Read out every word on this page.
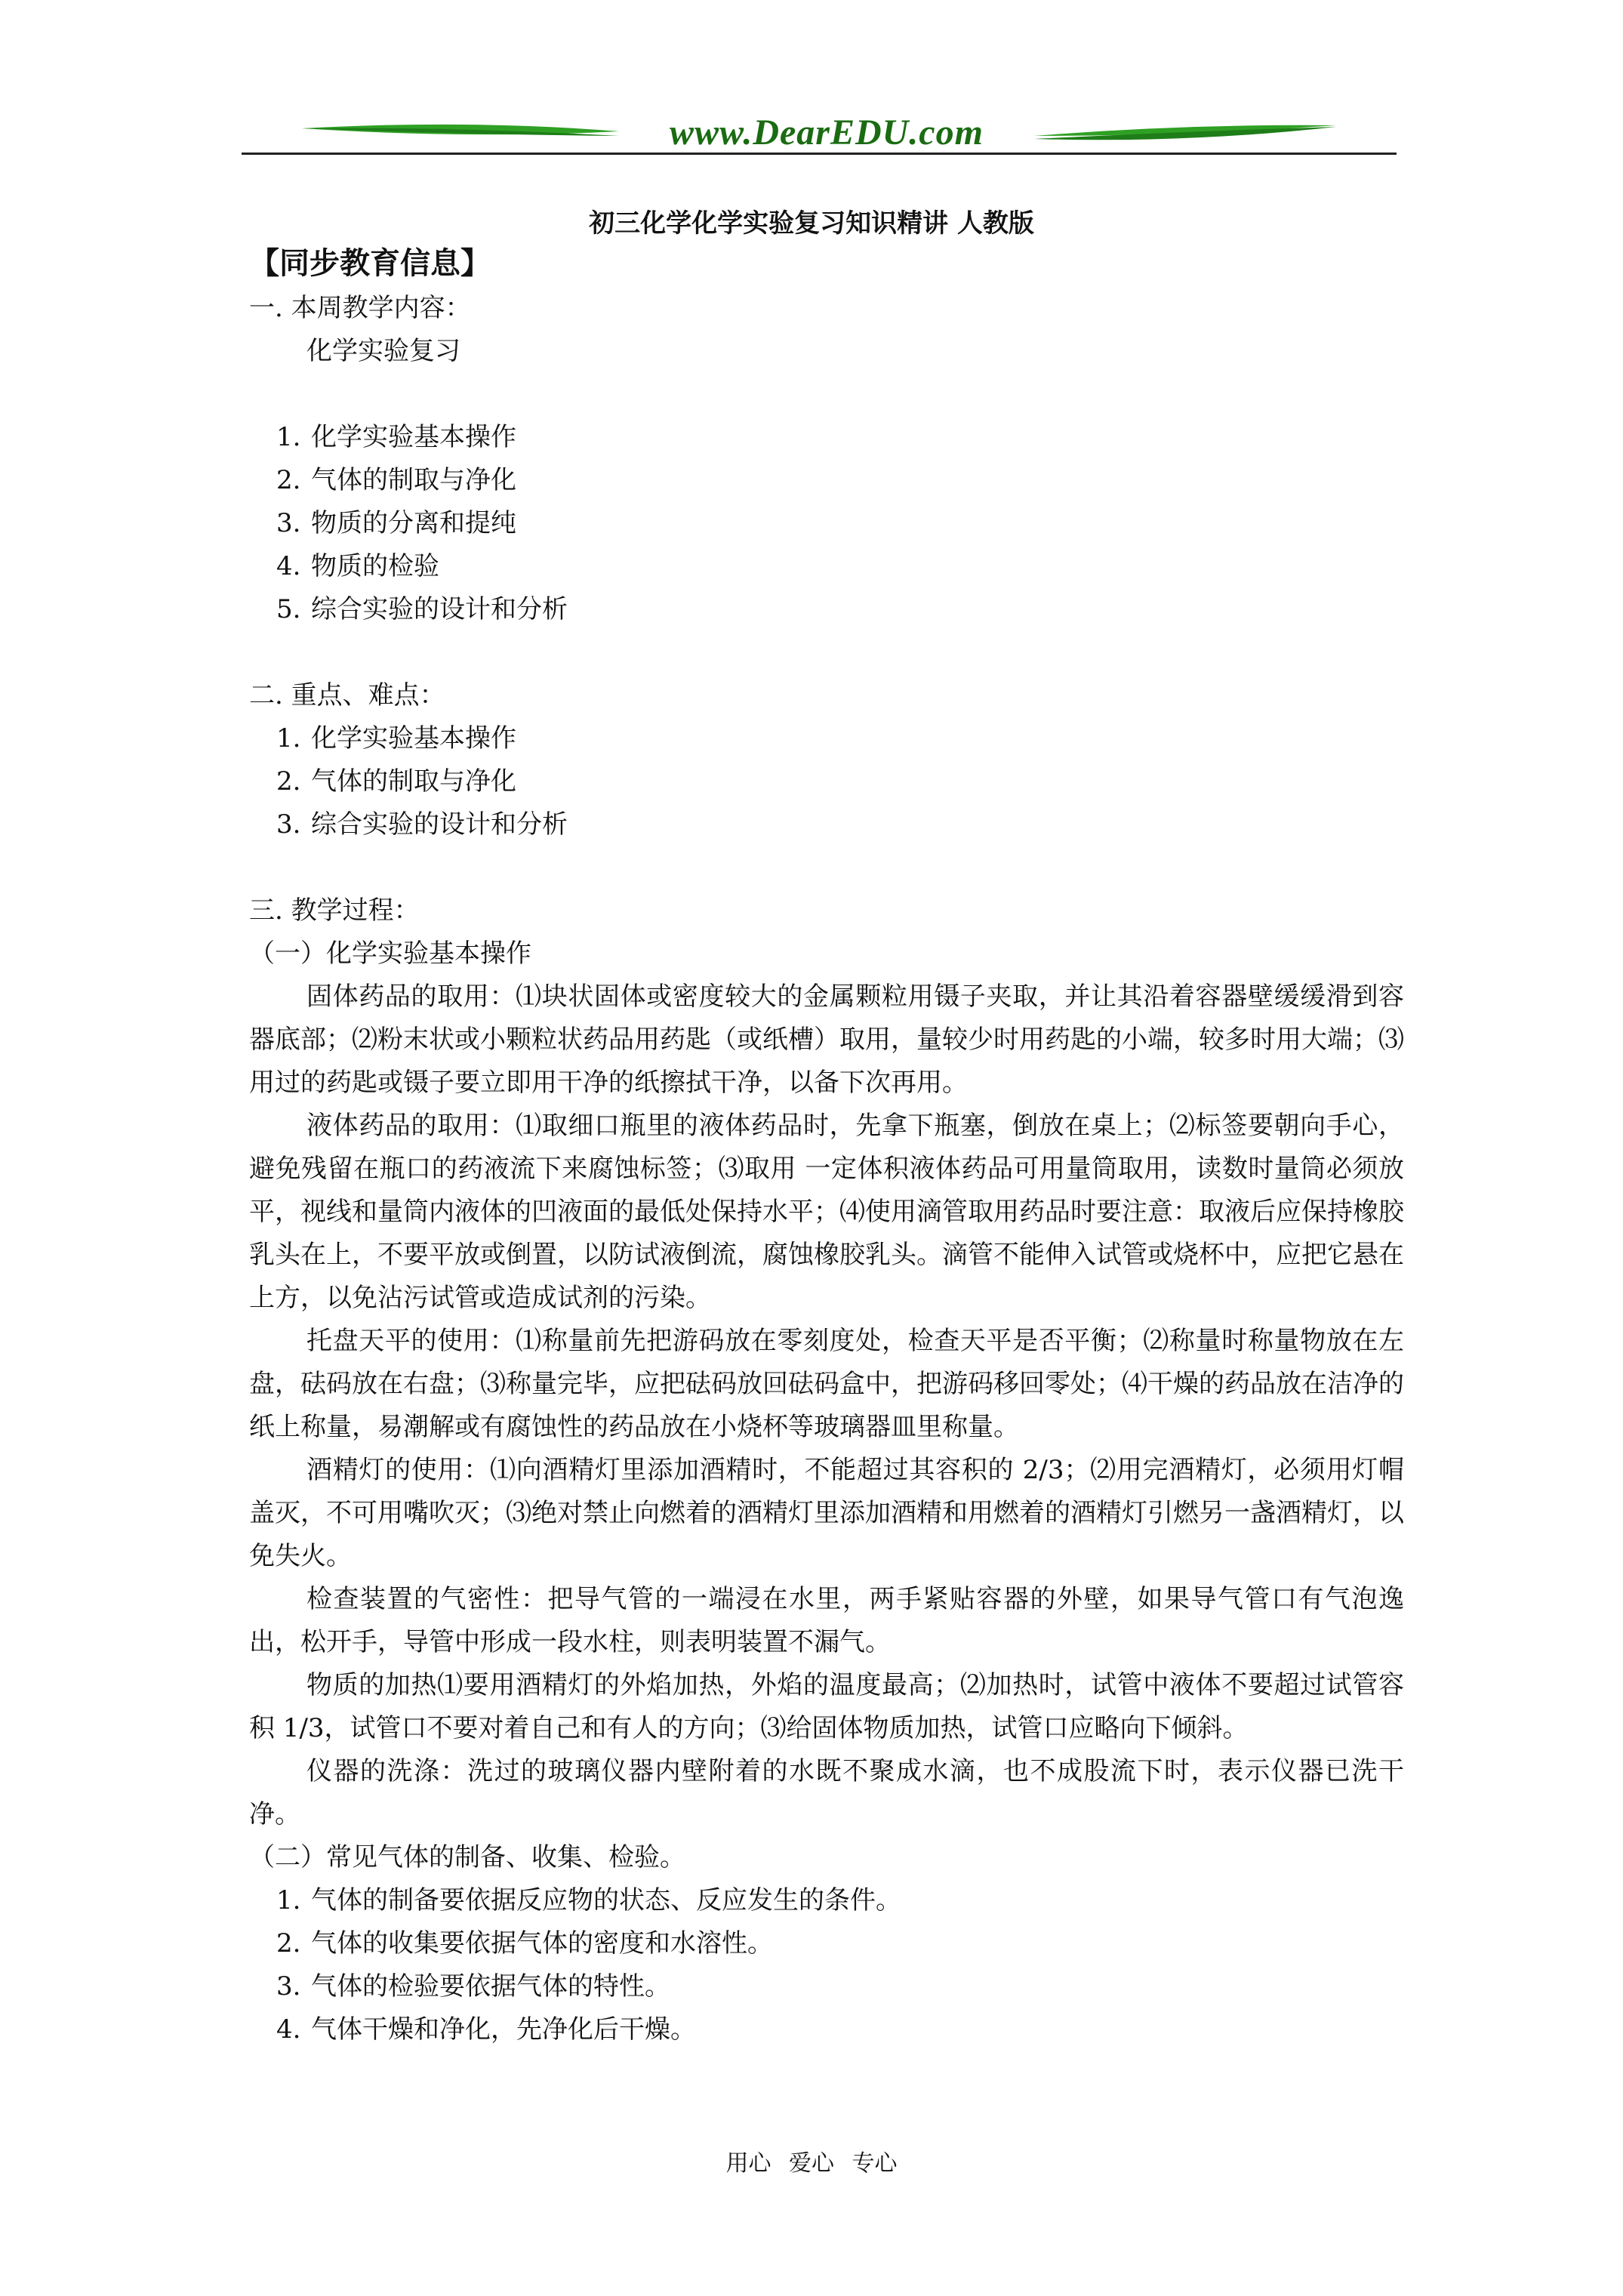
www.DearEDU.com
初三化学化学实验复习知识精讲 人教版
【同步教育信息】
一. 本周教学内容：
化学实验复习
1. 化学实验基本操作
2. 气体的制取与净化
3. 物质的分离和提纯
4. 物质的检验
5. 综合实验的设计和分析
二. 重点、难点：
1. 化学实验基本操作
2. 气体的制取与净化
3. 综合实验的设计和分析
三. 教学过程：
（一）化学实验基本操作

固体药品的取用：⑴块状固体或密度较大的金属颗粒用镊子夹取，并让其沿着容器壁缓缓滑到容器底部；⑵粉末状或小颗粒状药品用药匙（或纸槽）取用，量较少时用药匙的小端，较多时用大端；⑶用过的药匙或镊子要立即用干净的纸擦拭干净，以备下次再用。

液体药品的取用：⑴取细口瓶里的液体药品时，先拿下瓶塞，倒放在桌上；⑵标签要朝向手心，避免残留在瓶口的药液流下来腐蚀标签；⑶取用 一定体积液体药品可用量筒取用，读数时量筒必须放平，视线和量筒内液体的凹液面的最低处保持水平；⑷使用滴管取用药品时要注意：取液后应保持橡胶乳头在上，不要平放或倒置，以防试液倒流，腐蚀橡胶乳头。滴管不能伸入试管或烧杯中，应把它悬在上方，以免沾污试管或造成试剂的污染。

托盘天平的使用：⑴称量前先把游码放在零刻度处，检查天平是否平衡；⑵称量时称量物放在左盘，砝码放在右盘；⑶称量完毕，应把砝码放回砝码盒中，把游码移回零处；⑷干燥的药品放在洁净的纸上称量，易潮解或有腐蚀性的药品放在小烧杯等玻璃器皿里称量。

酒精灯的使用：⑴向酒精灯里添加酒精时，不能超过其容积的 2/3；⑵用完酒精灯，必须用灯帽盖灭，不可用嘴吹灭；⑶绝对禁止向燃着的酒精灯里添加酒精和用燃着的酒精灯引燃另一盏酒精灯，以免失火。

检查装置的气密性：把导气管的一端浸在水里，两手紧贴容器的外壁，如果导气管口有气泡逸出，松开手，导管中形成一段水柱，则表明装置不漏气。

物质的加热⑴要用酒精灯的外焰加热，外焰的温度最高；⑵加热时，试管中液体不要超过试管容积 1/3，试管口不要对着自己和有人的方向；⑶给固体物质加热，试管口应略向下倾斜。

仪器的洗涤：洗过的玻璃仪器内壁附着的水既不聚成水滴，也不成股流下时，表示仪器已洗干净。

（二）常见气体的制备、收集、检验。
1. 气体的制备要依据反应物的状态、反应发生的条件。
2. 气体的收集要依据气体的密度和水溶性。
3. 气体的检验要依据气体的特性。
4. 气体干燥和净化，先净化后干燥。
用心 爱心 专心
